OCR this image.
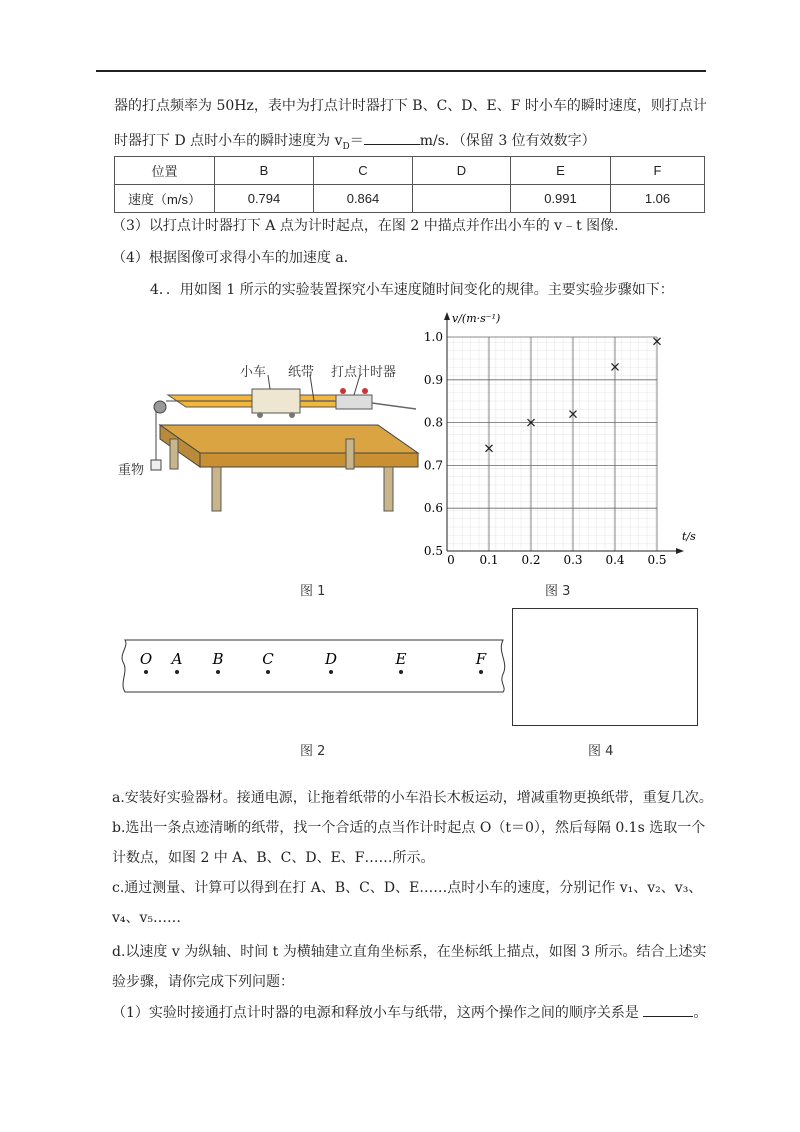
器的打点频率为 50Hz，表中为打点计时器打下 B、C、D、E、F 时小车的瞬时速度，则打点计
时器打下 D 点时小车的瞬时速度为 $v_D=$	m/s．（保留 3 位有效数字）
位置	B	C	D	E	F
速度（m/s）	0.794	0.864		0.991	1.06
（3）以打点计时器打下 A 点为计时起点，在图 2 中描点并作出小车的 v﹣t 图像．
（4）根据图像可求得小车的加速度 a．
4．．用如图 1 所示的实验装置探究小车速度随时间变化的规律。主要实验步骤如下：
小车 纸带 打点计时器
重物
图 1
0 0.1 0.2 0.3 0.4 0.5
0.5
0.6
0.7
0.8
0.9
1.0
v/(m·s⁻¹)
t/s
图 3
O A B	C	D	E	F
图 2	图 4
a.安装好实验器材。接通电源，让拖着纸带的小车沿长木板运动，增减重物更换纸带，重复几次。
b.选出一条点迹清晰的纸带，找一个合适的点当作计时起点 O（t＝0），然后每隔 0.1s 选取一个
计数点，如图 2 中 A、B、C、D、E、F……所示。
c.通过测量、计算可以得到在打 A、B、C、D、E……点时小车的速度，分别记作 v₁、v₂、v₃、
v₄、v₅……
d.以速度 v 为纵轴、时间 t 为横轴建立直角坐标系，在坐标纸上描点，如图 3 所示。结合上述实
验步骤，请你完成下列问题：
（1）实验时接通打点计时器的电源和释放小车与纸带，这两个操作之间的顺序关系是	。
